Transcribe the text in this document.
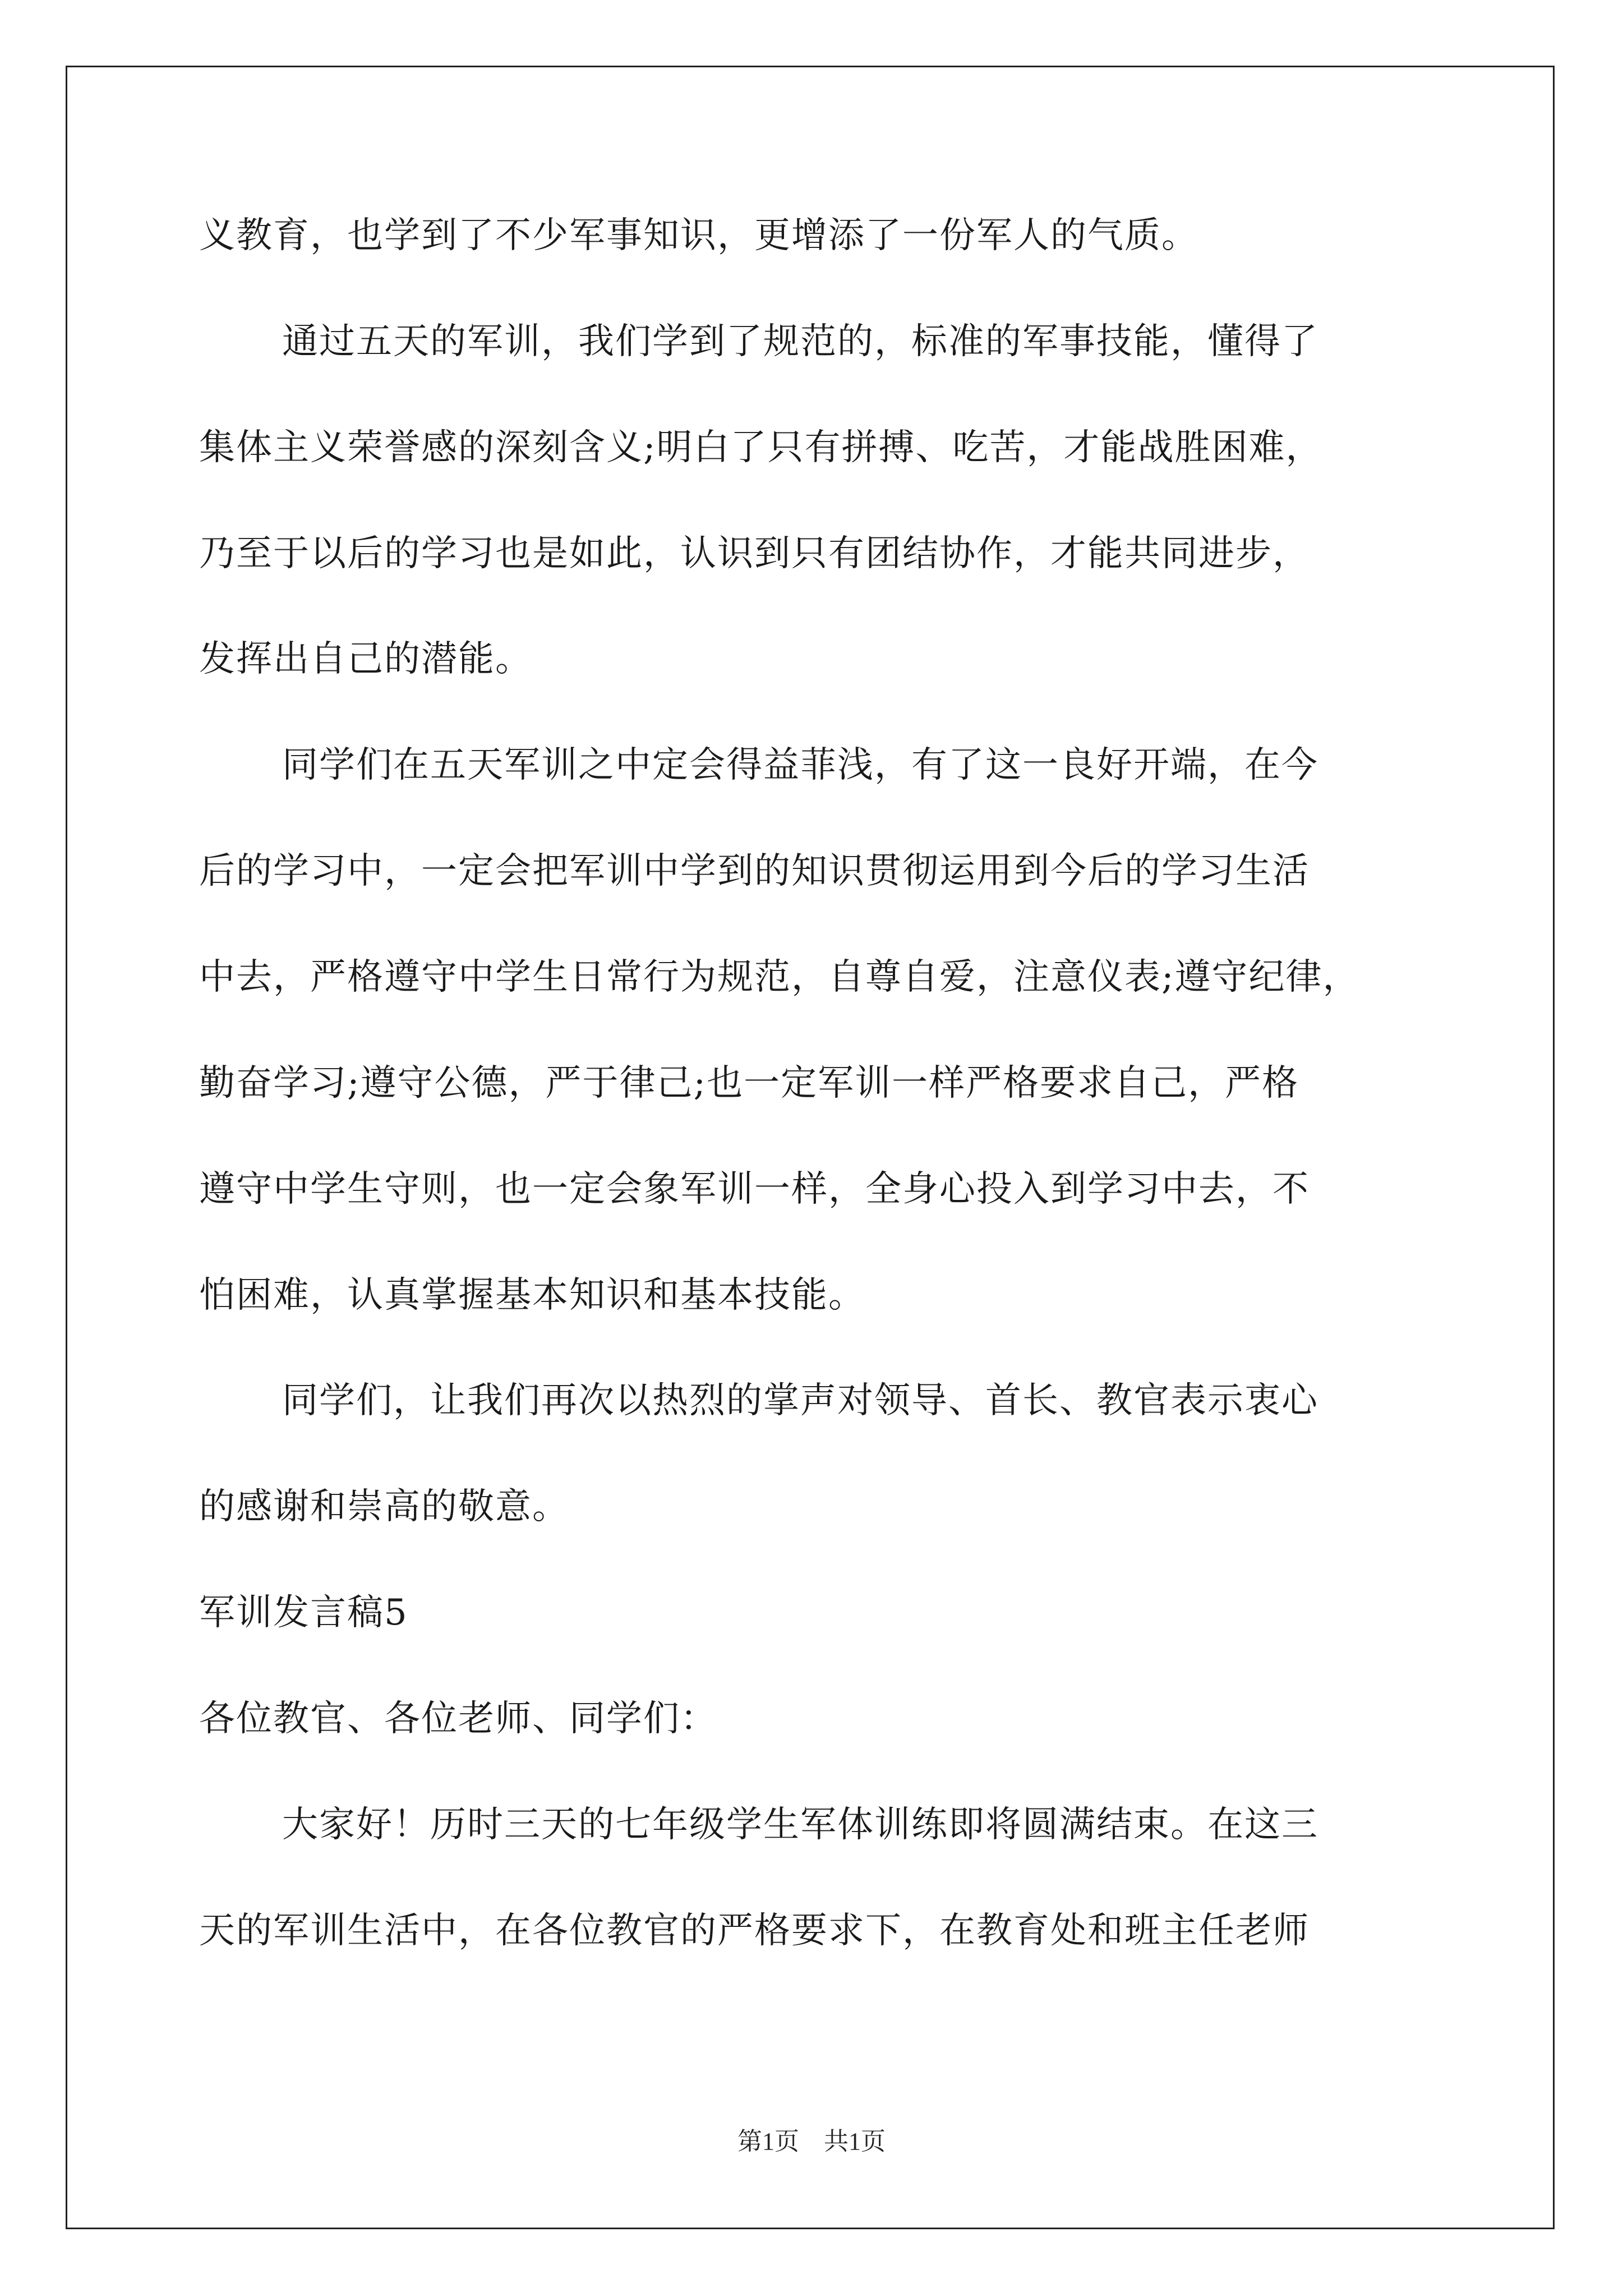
义教育，也学到了不少军事知识，更增添了一份军人的气质。
通过五天的军训，我们学到了规范的，标准的军事技能，懂得了
集体主义荣誉感的深刻含义;明白了只有拼搏、吃苦，才能战胜困难，
乃至于以后的学习也是如此，认识到只有团结协作，才能共同进步，
发挥出自己的潜能。
同学们在五天军训之中定会得益菲浅，有了这一良好开端，在今
后的学习中，一定会把军训中学到的知识贯彻运用到今后的学习生活
中去，严格遵守中学生日常行为规范，自尊自爱，注意仪表;遵守纪律，
勤奋学习;遵守公德，严于律己;也一定军训一样严格要求自己，严格
遵守中学生守则，也一定会象军训一样，全身心投入到学习中去，不
怕困难，认真掌握基本知识和基本技能。
同学们，让我们再次以热烈的掌声对领导、首长、教官表示衷心
的感谢和崇高的敬意。
军训发言稿5
各位教官、各位老师、同学们：
大家好！历时三天的七年级学生军体训练即将圆满结束。在这三
天的军训生活中，在各位教官的严格要求下，在教育处和班主任老师
第1页　共1页
